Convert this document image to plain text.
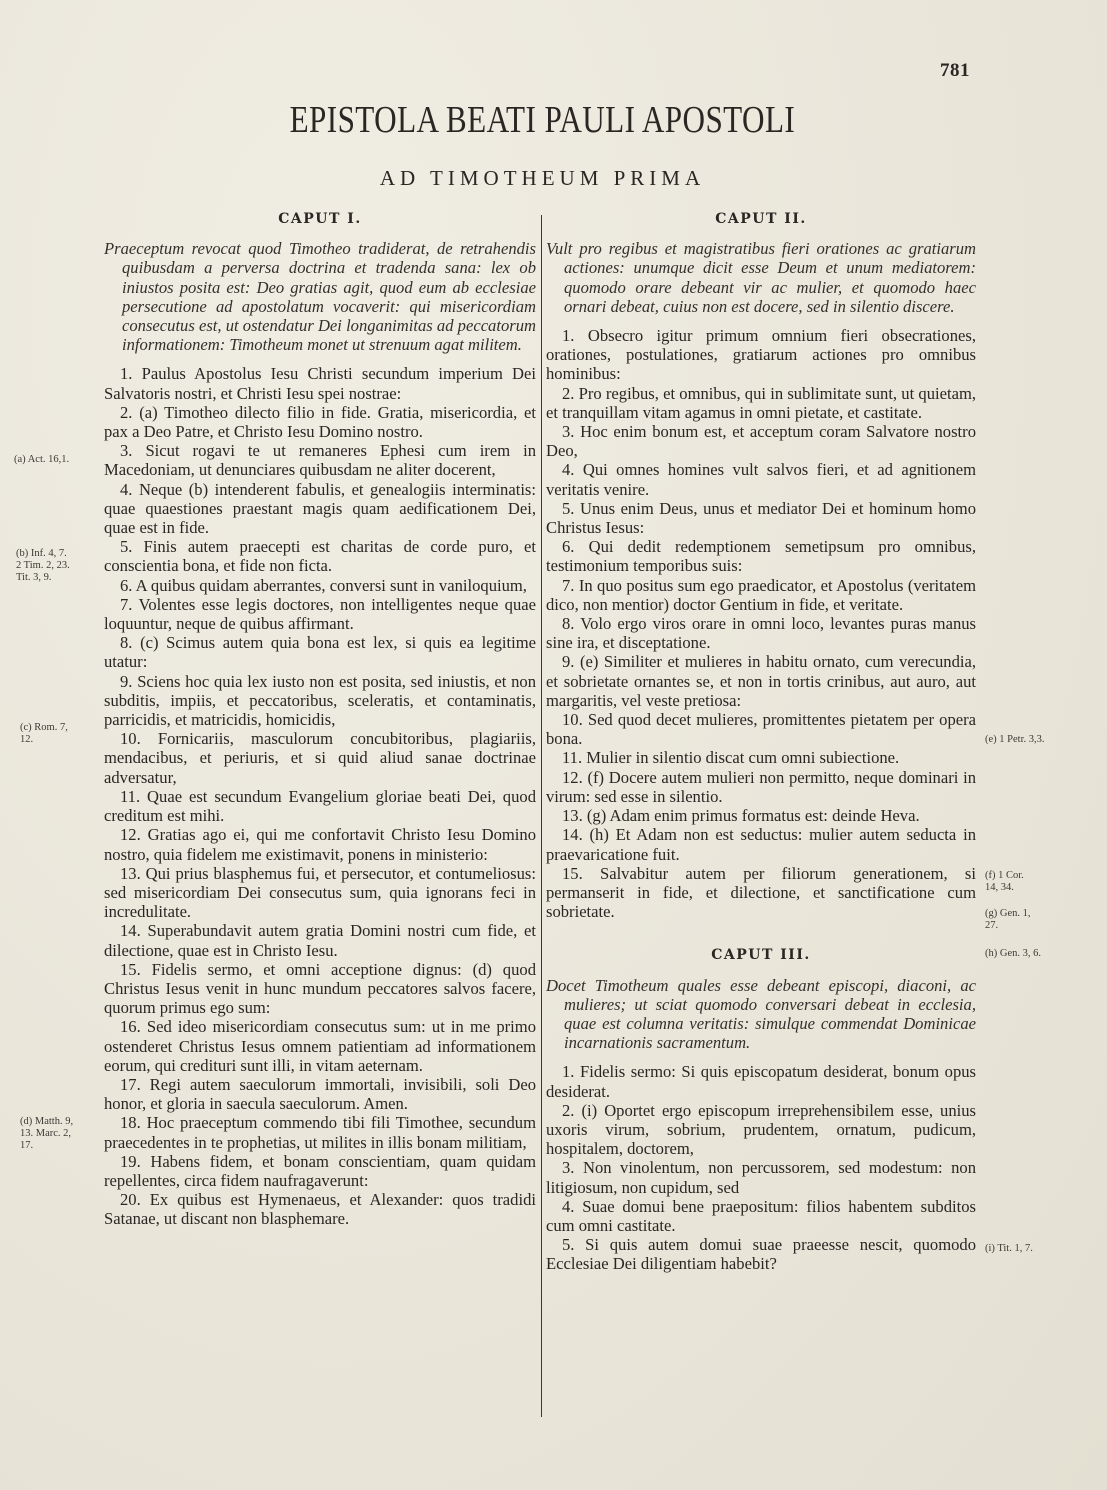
781
EPISTOLA BEATI PAULI APOSTOLI
AD TIMOTHEUM PRIMA
CAPUT I.

Praeceptum revocat quod Timotheo tradiderat, de retrahendis quibusdam a perversa doctrina et tradenda sana: lex ob iniustos posita est: Deo gratias agit, quod eum ab ecclesiae persecutione ad apostolatum vocaverit: qui misericordiam consecutus est, ut ostendatur Dei longanimitas ad peccatorum informationem: Timotheum monet ut strenuum agat militem.

1. Paulus Apostolus Iesu Christi secundum imperium Dei Salvatoris nostri, et Christi Iesu spei nostrae:

2. (a) Timotheo dilecto filio in fide. Gratia, misericordia, et pax a Deo Patre, et Christo Iesu Domino nostro.

3. Sicut rogavi te ut remaneres Ephesi cum irem in Macedoniam, ut denunciares quibusdam ne aliter docerent,

4. Neque (b) intenderent fabulis, et genealogiis interminatis: quae quaestiones praestant magis quam aedificationem Dei, quae est in fide.

5. Finis autem praecepti est charitas de corde puro, et conscientia bona, et fide non ficta.

6. A quibus quidam aberrantes, conversi sunt in vaniloquium,

7. Volentes esse legis doctores, non intelligentes neque quae loquuntur, neque de quibus affirmant.

8. (c) Scimus autem quia bona est lex, si quis ea legitime utatur:

9. Sciens hoc quia lex iusto non est posita, sed iniustis, et non subditis, impiis, et peccatoribus, sceleratis, et contaminatis, parricidis, et matricidis, homicidis,

10. Fornicariis, masculorum concubitoribus, plagiariis, mendacibus, et periuris, et si quid aliud sanae doctrinae adversatur,

11. Quae est secundum Evangelium gloriae beati Dei, quod creditum est mihi.

12. Gratias ago ei, qui me confortavit Christo Iesu Domino nostro, quia fidelem me existimavit, ponens in ministerio:

13. Qui prius blasphemus fui, et persecutor, et contumeliosus: sed misericordiam Dei consecutus sum, quia ignorans feci in incredulitate.

14. Superabundavit autem gratia Domini nostri cum fide, et dilectione, quae est in Christo Iesu.

15. Fidelis sermo, et omni acceptione dignus: (d) quod Christus Iesus venit in hunc mundum peccatores salvos facere, quorum primus ego sum:

16. Sed ideo misericordiam consecutus sum: ut in me primo ostenderet Christus Iesus omnem patientiam ad informationem eorum, qui credituri sunt illi, in vitam aeternam.

17. Regi autem saeculorum immortali, invisibili, soli Deo honor, et gloria in saecula saeculorum. Amen.

18. Hoc praeceptum commendo tibi fili Timothee, secundum praecedentes in te prophetias, ut milites in illis bonam militiam,

19. Habens fidem, et bonam conscientiam, quam quidam repellentes, circa fidem naufragaverunt:

20. Ex quibus est Hymenaeus, et Alexander: quos tradidi Satanae, ut discant non blasphemare.

CAPUT II.

Vult pro regibus et magistratibus fieri orationes ac gratiarum actiones: unumque dicit esse Deum et unum mediatorem: quomodo orare debeant vir ac mulier, et quomodo haec ornari debeat, cuius non est docere, sed in silentio discere.

1. Obsecro igitur primum omnium fieri obsecrationes, orationes, postulationes, gratiarum actiones pro omnibus hominibus:

2. Pro regibus, et omnibus, qui in sublimitate sunt, ut quietam, et tranquillam vitam agamus in omni pietate, et castitate.

3. Hoc enim bonum est, et acceptum coram Salvatore nostro Deo,

4. Qui omnes homines vult salvos fieri, et ad agnitionem veritatis venire.

5. Unus enim Deus, unus et mediator Dei et hominum homo Christus Iesus:

6. Qui dedit redemptionem semetipsum pro omnibus, testimonium temporibus suis:

7. In quo positus sum ego praedicator, et Apostolus (veritatem dico, non mentior) doctor Gentium in fide, et veritate.

8. Volo ergo viros orare in omni loco, levantes puras manus sine ira, et disceptatione.

9. (e) Similiter et mulieres in habitu ornato, cum verecundia, et sobrietate ornantes se, et non in tortis crinibus, aut auro, aut margaritis, vel veste pretiosa:

10. Sed quod decet mulieres, promittentes pietatem per opera bona.

11. Mulier in silentio discat cum omni subiectione.

12. (f) Docere autem mulieri non permitto, neque dominari in virum: sed esse in silentio.

13. (g) Adam enim primus formatus est: deinde Heva.

14. (h) Et Adam non est seductus: mulier autem seducta in praevaricatione fuit.

15. Salvabitur autem per filiorum generationem, si permanserit in fide, et dilectione, et sanctificatione cum sobrietate.

CAPUT III.

Docet Timotheum quales esse debeant episcopi, diaconi, ac mulieres; ut sciat quomodo conversari debeat in ecclesia, quae est columna veritatis: simulque commendat Dominicae incarnationis sacramentum.

1. Fidelis sermo: Si quis episcopatum desiderat, bonum opus desiderat.

2. (i) Oportet ergo episcopum irreprehensibilem esse, unius uxoris virum, sobrium, prudentem, ornatum, pudicum, hospitalem, doctorem,

3. Non vinolentum, non percussorem, sed modestum: non litigiosum, non cupidum, sed

4. Suae domui bene praepositum: filios habentem subditos cum omni castitate.

5. Si quis autem domui suae praeesse nescit, quomodo Ecclesiae Dei diligentiam habebit?

(a) Act. 16,1.
(b) Inf. 4, 7.
2 Tim. 2, 23.
Tit. 3, 9.
(c) Rom. 7,
12.
(d) Matth. 9,
13. Marc. 2,
17.
(e) 1 Petr. 3,3.
(f) 1 Cor.
14, 34.
(g) Gen. 1,
27.
(h) Gen. 3, 6.
(i) Tit. 1, 7.
